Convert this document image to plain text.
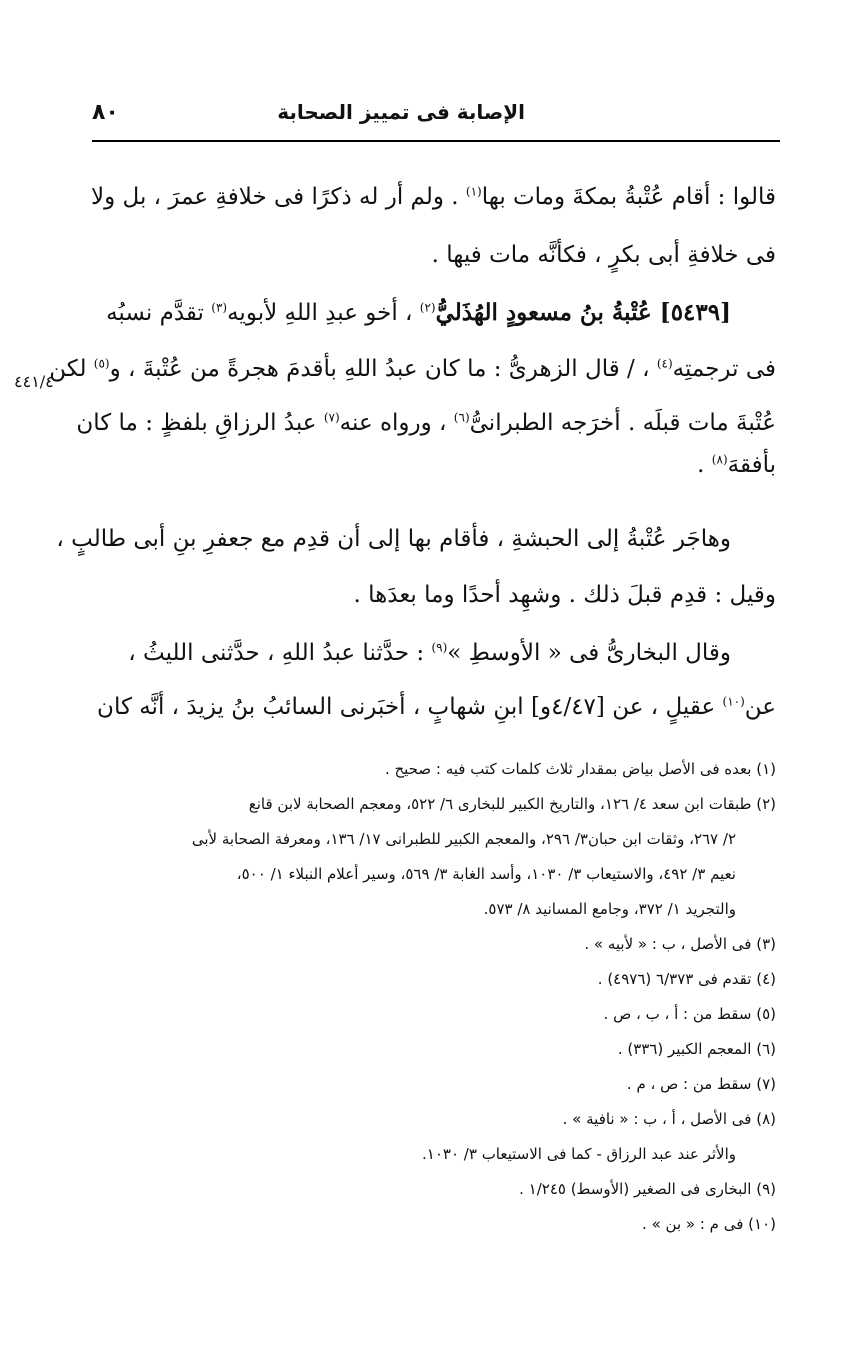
الإصابة فى تمييز الصحابة
٨٠
٤٤١/٤
قالوا : أقام عُتْبةُ بمكةَ ومات بها$^{(١)}$ . ولم أر له ذكرًا فى خلافةِ عمرَ ، بل ولا
فى خلافةِ أبى بكرٍ ، فكأنَّه مات فيها .
[٥٤٣٩] عُتْبةُ بنُ مسعودٍ الهُذَليُّ$^{(٢)}$ ، أخو عبدِ اللهِ لأبويه$^{(٣)}$ تقدَّم نسبُه
فى ترجمتِه$^{(٤)}$ ، / قال الزهرىُّ : ما كان عبدُ اللهِ بأقدمَ هجرةً من عُتْبةَ ، و$^{(٥)}$ لكن
عُتْبةَ مات قبلَه . أخرَجه الطبرانىُّ$^{(٦)}$ ، ورواه عنه$^{(٧)}$ عبدُ الرزاقِ بلفظٍ : ما كان
بأفقهَ$^{(٨)}$ .
وهاجَر عُتْبةُ إلى الحبشةِ ، فأقام بها إلى أن قدِم مع جعفرِ بنِ أبى طالبٍ ،
وقيل : قدِم قبلَ ذلك . وشهِد أحدًا وما بعدَها .
وقال البخارىُّ فى « الأوسطِ »$^{(٩)}$ : حدَّثنا عبدُ اللهِ ، حدَّثنى الليثُ ،
عن$^{(١٠)}$ عقيلٍ ، عن [٤/٤٧و] ابنِ شهابٍ ، أخبَرنى السائبُ بنُ يزيدَ ، أنَّه كان
(١) بعده فى الأصل بياض بمقدار ثلاث كلمات كتب فيه : صحيح .
(٢) طبقات ابن سعد ٤/ ١٢٦، والتاريخ الكبير للبخارى ٦/ ٥٢٢، ومعجم الصحابة لابن قانع
٢/ ٢٦٧، وثقات ابن حبان٣/ ٢٩٦، والمعجم الكبير للطبرانى ١٧/ ١٣٦، ومعرفة الصحابة لأبى
نعيم ٣/ ٤٩٢، والاستيعاب ٣/ ١٠٣٠، وأسد الغابة ٣/ ٥٦٩، وسير أعلام النبلاء ١/ ٥٠٠،
والتجريد ١/ ٣٧٢، وجامع المسانيد ٨/ ٥٧٣.
(٣) فى الأصل ، ب : « لأبيه » .
(٤) تقدم فى ٦/٣٧٣ (٤٩٧٦) .
(٥) سقط من : أ ، ب ، ص .
(٦) المعجم الكبير (٣٣٦) .
(٧) سقط من : ص ، م .
(٨) فى الأصل ، أ ، ب : « نافية » .
والأثر عند عبد الرزاق - كما فى الاستيعاب ٣/ ١٠٣٠.
(٩) البخارى فى الصغير (الأوسط) ١/٢٤٥ .
(١٠) فى م : « بن » .
